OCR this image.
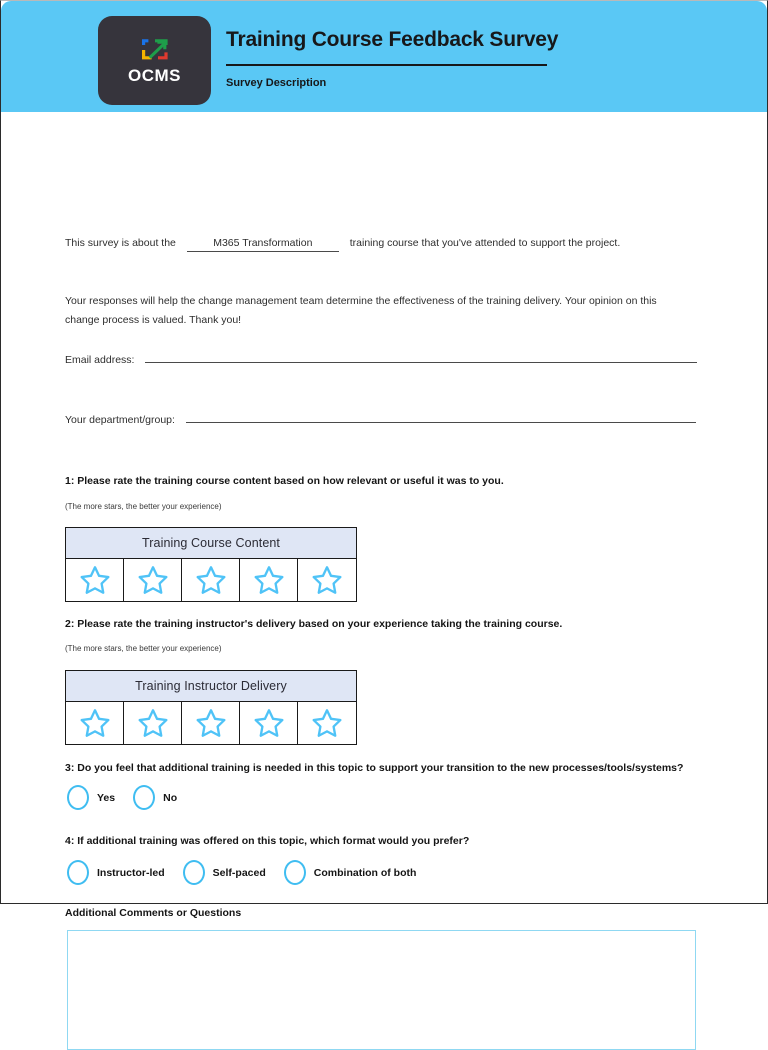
OCMS
Training Course Feedback Survey
Survey Description
This survey is about the	M365 Transformation	training course that you've attended to support the project.
Your responses will help the change management team determine the effectiveness of the training delivery. Your opinion on this change process is valued. Thank you!
Email address:
Your department/group:
1: Please rate the training course content based on how relevant or useful it was to you.
(The more stars, the better your experience)
Training Course Content
2: Please rate the training instructor's delivery based on your experience taking the training course.
(The more stars, the better your experience)
Training Instructor Delivery
3: Do you feel that additional training is needed in this topic to support your transition to the new processes/tools/systems?
Yes	No
4: If additional training was offered on this topic, which format would you prefer?
Instructor-led	Self-paced	Combination of both
Additional Comments or Questions
